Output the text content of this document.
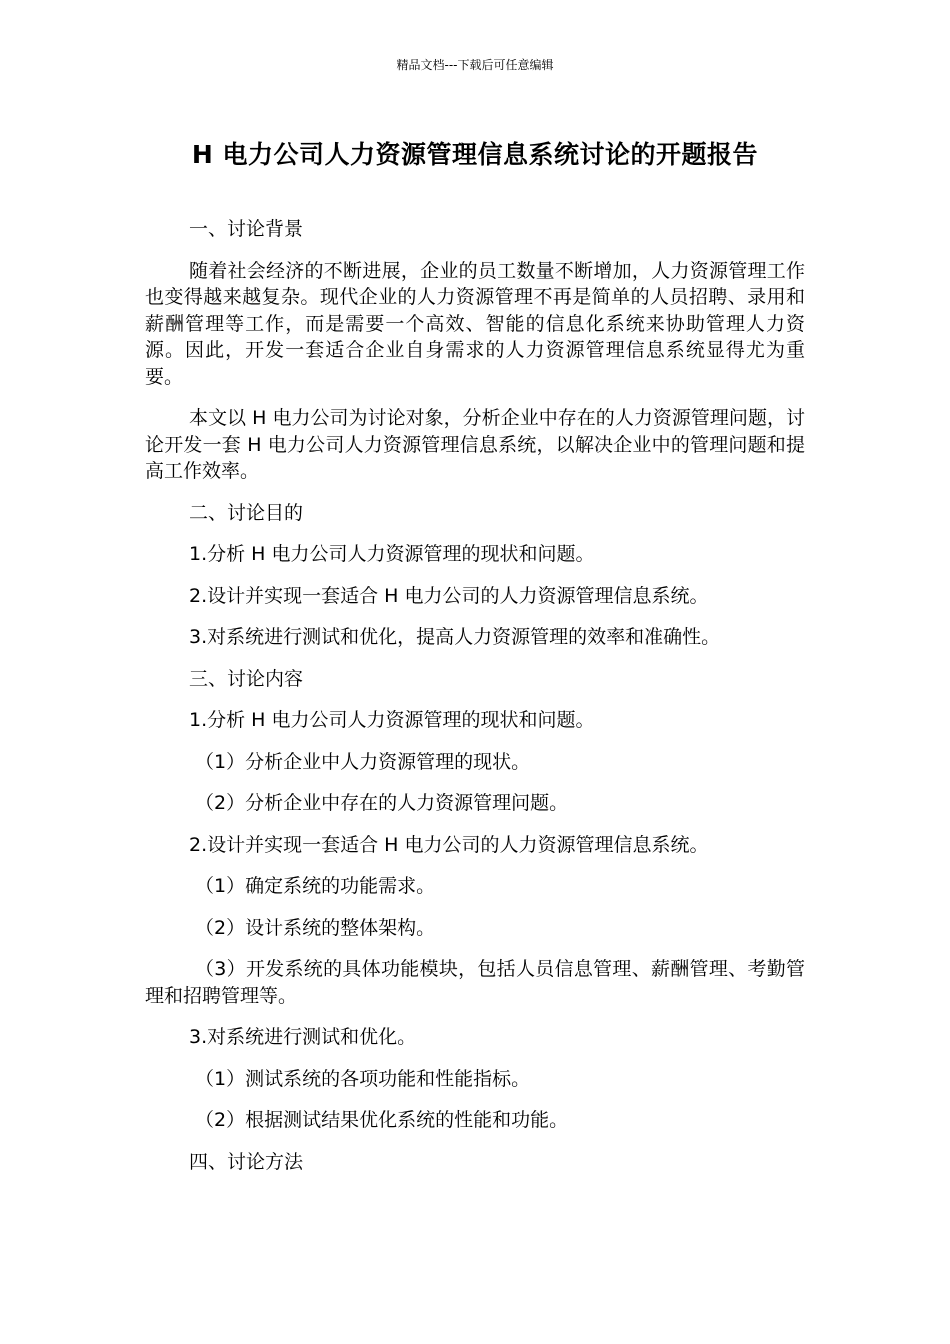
精品文档---下载后可任意编辑
H 电力公司人力资源管理信息系统讨论的开题报告

一、讨论背景

随着社会经济的不断进展，企业的员工数量不断增加，人力资源管理工作也变得越来越复杂。现代企业的人力资源管理不再是简单的人员招聘、录用和薪酬管理等工作，而是需要一个高效、智能的信息化系统来协助管理人力资源。因此，开发一套适合企业自身需求的人力资源管理信息系统显得尤为重要。

本文以 H 电力公司为讨论对象，分析企业中存在的人力资源管理问题，讨论开发一套 H 电力公司人力资源管理信息系统，以解决企业中的管理问题和提高工作效率。

二、讨论目的

1.分析 H 电力公司人力资源管理的现状和问题。

2.设计并实现一套适合 H 电力公司的人力资源管理信息系统。

3.对系统进行测试和优化，提高人力资源管理的效率和准确性。

三、讨论内容

1.分析 H 电力公司人力资源管理的现状和问题。

（1）分析企业中人力资源管理的现状。

（2）分析企业中存在的人力资源管理问题。

2.设计并实现一套适合 H 电力公司的人力资源管理信息系统。

（1）确定系统的功能需求。

（2）设计系统的整体架构。

（3）开发系统的具体功能模块，包括人员信息管理、薪酬管理、考勤管理和招聘管理等。

3.对系统进行测试和优化。

（1）测试系统的各项功能和性能指标。

（2）根据测试结果优化系统的性能和功能。

四、讨论方法
